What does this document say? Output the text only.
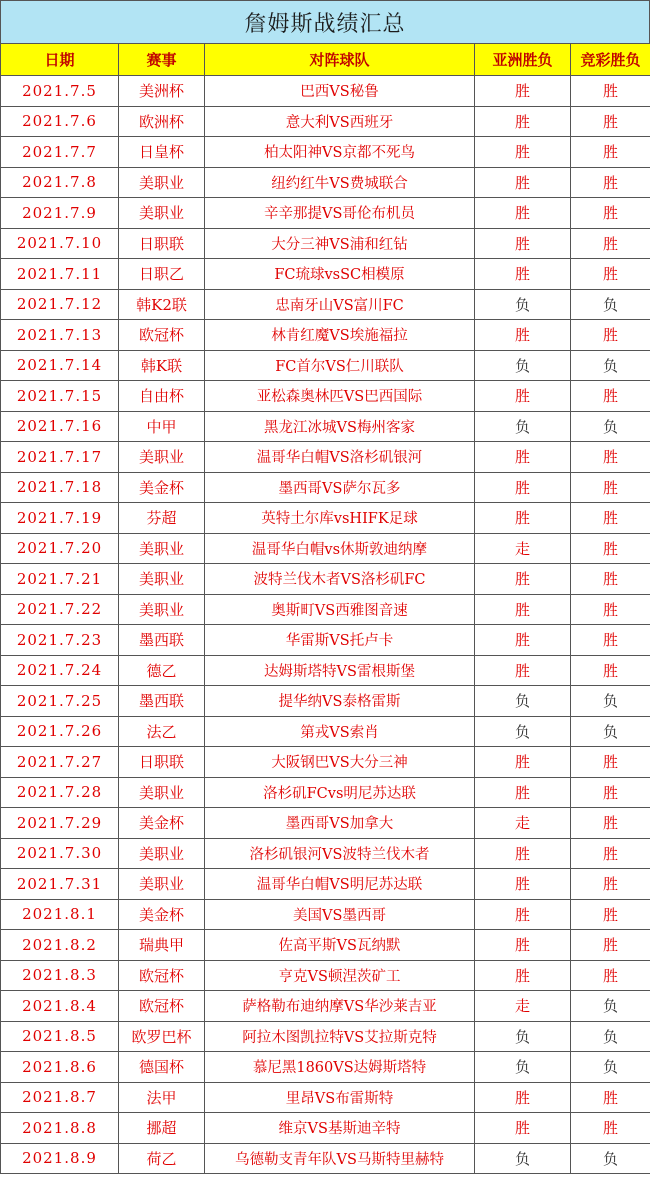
詹姆斯战绩汇总
日期	赛事	对阵球队	亚洲胜负	竞彩胜负
2021.7.5	美洲杯	巴西VS秘鲁	胜	胜
2021.7.6	欧洲杯	意大利VS西班牙	胜	胜
2021.7.7	日皇杯	柏太阳神VS京都不死鸟	胜	胜
2021.7.8	美职业	纽约红牛VS费城联合	胜	胜
2021.7.9	美职业	辛辛那提VS哥伦布机员	胜	胜
2021.7.10	日职联	大分三神VS浦和红钻	胜	胜
2021.7.11	日职乙	FC琉球vsSC相模原	胜	胜
2021.7.12	韩K2联	忠南牙山VS富川FC	负	负
2021.7.13	欧冠杯	林肯红魔VS埃施福拉	胜	胜
2021.7.14	韩K联	FC首尔VS仁川联队	负	负
2021.7.15	自由杯	亚松森奥林匹VS巴西国际	胜	胜
2021.7.16	中甲	黑龙江冰城VS梅州客家	负	负
2021.7.17	美职业	温哥华白帽VS洛杉矶银河	胜	胜
2021.7.18	美金杯	墨西哥VS萨尔瓦多	胜	胜
2021.7.19	芬超	英特土尔库vsHIFK足球	胜	胜
2021.7.20	美职业	温哥华白帽vs休斯敦迪纳摩	走	胜
2021.7.21	美职业	波特兰伐木者VS洛杉矶FC	胜	胜
2021.7.22	美职业	奥斯町VS西雅图音速	胜	胜
2021.7.23	墨西联	华雷斯VS托卢卡	胜	胜
2021.7.24	德乙	达姆斯塔特VS雷根斯堡	胜	胜
2021.7.25	墨西联	提华纳VS泰格雷斯	负	负
2021.7.26	法乙	第戎VS索肖	负	负
2021.7.27	日职联	大阪钢巴VS大分三神	胜	胜
2021.7.28	美职业	洛杉矶FCvs明尼苏达联	胜	胜
2021.7.29	美金杯	墨西哥VS加拿大	走	胜
2021.7.30	美职业	洛杉矶银河VS波特兰伐木者	胜	胜
2021.7.31	美职业	温哥华白帽VS明尼苏达联	胜	胜
2021.8.1	美金杯	美国VS墨西哥	胜	胜
2021.8.2	瑞典甲	佐高平斯VS瓦纳默	胜	胜
2021.8.3	欧冠杯	亨克VS顿涅茨矿工	胜	胜
2021.8.4	欧冠杯	萨格勒布迪纳摩VS华沙莱吉亚	走	负
2021.8.5	欧罗巴杯	阿拉木图凯拉特VS艾拉斯克特	负	负
2021.8.6	德国杯	慕尼黑1860VS达姆斯塔特	负	负
2021.8.7	法甲	里昂VS布雷斯特	胜	胜
2021.8.8	挪超	维京VS基斯迪辛特	胜	胜
2021.8.9	荷乙	乌德勒支青年队VS马斯特里赫特	负	负
